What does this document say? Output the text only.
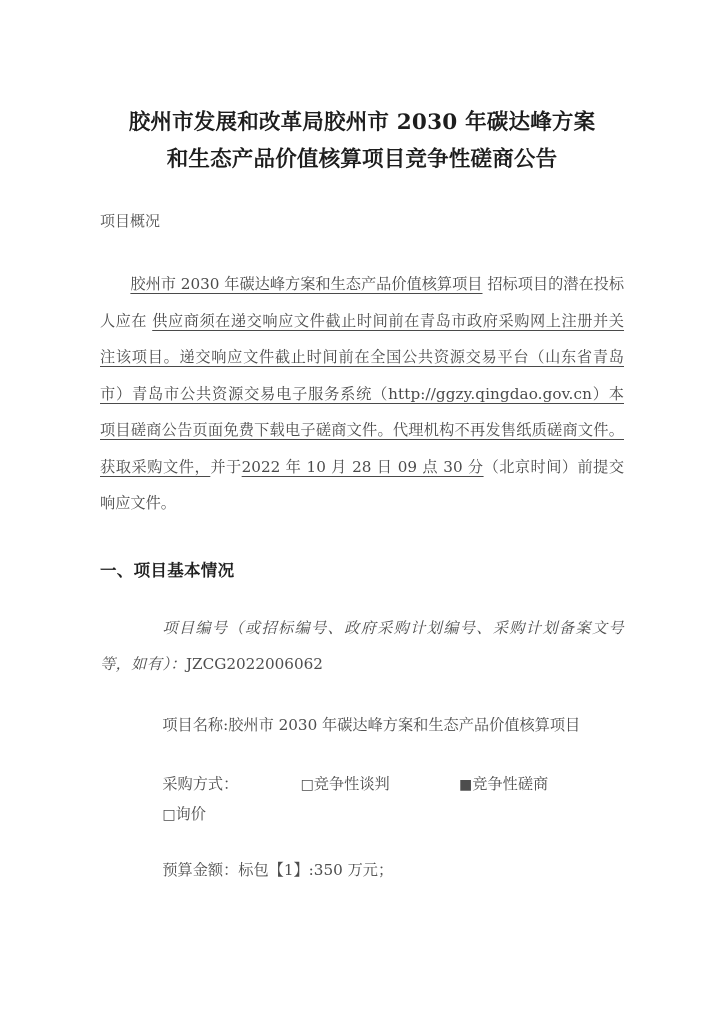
胶州市发展和改革局胶州市 2030 年碳达峰方案
和生态产品价值核算项目竞争性磋商公告

项目概况

胶州市 2030 年碳达峰方案和生态产品价值核算项目 招标项目的潜在投标人应在 供应商须在递交响应文件截止时间前在青岛市政府采购网上注册并关注该项目。递交响应文件截止时间前在全国公共资源交易平台（山东省青岛市）青岛市公共资源交易电子服务系统（http://ggzy.qingdao.gov.cn）本项目磋商公告页面免费下载电子磋商文件。代理机构不再发售纸质磋商文件。获取采购文件，并于2022 年 10 月 28 日 09 点 30 分（北京时间）前提交响应文件。

一、项目基本情况

项目编号（或招标编号、政府采购计划编号、采购计划备案文号等，如有）：JZCG2022006062

项目名称:胶州市 2030 年碳达峰方案和生态产品价值核算项目

采购方式：	□竞争性谈判	■竞争性磋商□询价

预算金额：标包【1】:350 万元；
